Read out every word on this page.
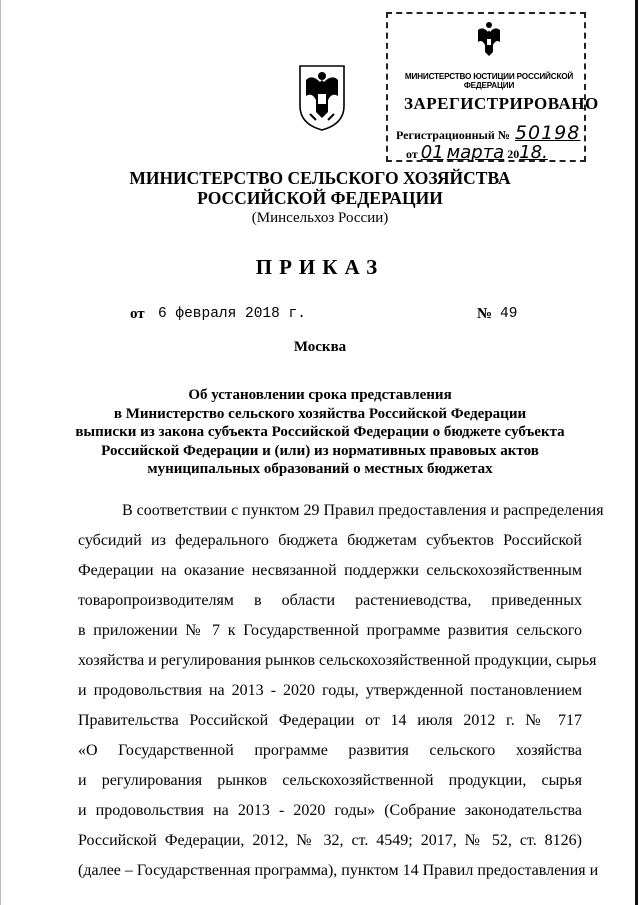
МИНИСТЕРСТВО ЮСТИЦИИ РОССИЙСКОЙ ФЕДЕРАЦИИ
ЗАРЕГИСТРИРОВАНО
Регистрационный № 50198
от 01 марта 2018.
МИНИСТЕРСТВО СЕЛЬСКОГО ХОЗЯЙСТВА
РОССИЙСКОЙ ФЕДЕРАЦИИ
(Минсельхоз России)
ПРИКАЗ
от 6 февраля 2018 г.	№ 49
Москва
Об установлении срока представления
в Министерство сельского хозяйства Российской Федерации
выписки из закона субъекта Российской Федерации о бюджете субъекта
Российской Федерации и (или) из нормативных правовых актов
муниципальных образований о местных бюджетах
В соответствии с пунктом 29 Правил предоставления и распределения
субсидий из федерального бюджета бюджетам субъектов Российской
Федерации на оказание несвязанной поддержки сельскохозяйственным
товаропроизводителям в области растениеводства, приведенных
в приложении № 7 к Государственной программе развития сельского
хозяйства и регулирования рынков сельскохозяйственной продукции, сырья
и продовольствия на 2013 - 2020 годы, утвержденной постановлением
Правительства Российской Федерации от 14 июля 2012 г. № 717
«О Государственной программе развития сельского хозяйства
и регулирования рынков сельскохозяйственной продукции, сырья
и продовольствия на 2013 - 2020 годы» (Собрание законодательства
Российской Федерации, 2012, № 32, ст. 4549; 2017, № 52, ст. 8126)
(далее – Государственная программа), пунктом 14 Правил предоставления и
